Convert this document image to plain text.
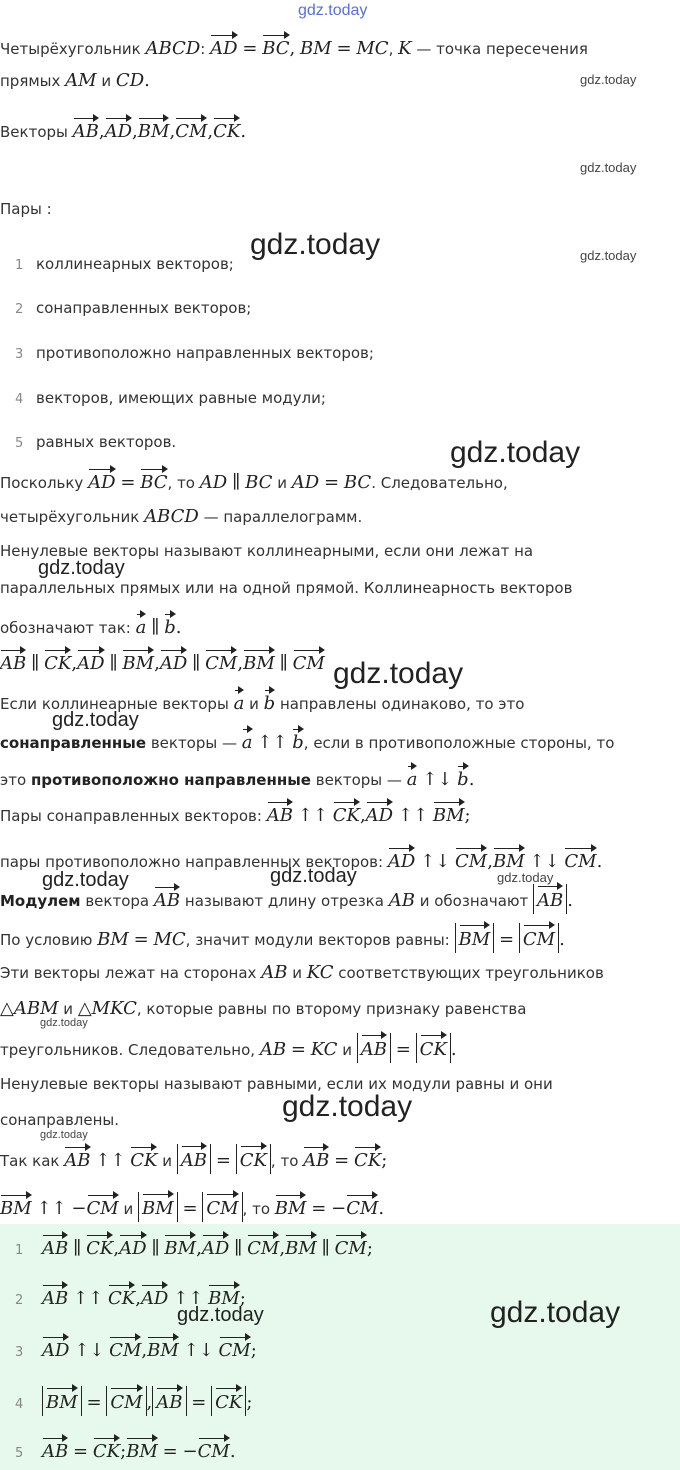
gdz.today
gdz.today
gdz.today
gdz.today
gdz.today
gdz.today
gdz.today
gdz.today
gdz.today
gdz.today	gdz.today	gdz.today
gdz.today
gdz.today
gdz.today
Четырёхугольник ABCD: AD = BC, BM = MC, K — точка пересечения
прямых AM и CD.
Векторы AB,AD,BM,CM,CK.
Пары :
1 коллинеарных векторов;
2 сонаправленных векторов;
3 противоположно направленных векторов;
4 векторов, имеющих равные модули;
5 равных векторов.
Поскольку AD = BC, то AD ∥ BC и AD = BC. Следовательно,
четырёхугольник ABCD — параллелограмм.
Ненулевые векторы называют коллинеарными, если они лежат на
параллельных прямых или на одной прямой. Коллинеарность векторов
обозначают так: a ∥ b.
AB ∥ CK,AD ∥ BM,AD ∥ CM,BM ∥ CM
Если коллинеарные векторы a и b направлены одинаково, то это
сонаправленные векторы — a ↑↑ b, если в противоположные стороны, то
это противоположно направленные векторы — a ↑↓ b.
Пары сонаправленных векторов: AB ↑↑ CK,AD ↑↑ BM;
пары противоположно направленных векторов: AD ↑↓ CM,BM ↑↓ CM.
Модулем вектора AB называют длину отрезка AB и обозначают AB .
По условию BM = MC, значит модули векторов равны: BM = CM .
Эти векторы лежат на сторонах AB и KC соответствующих треугольников
△ABM и △MKC, которые равны по второму признаку равенства
треугольников. Следовательно, AB = KC и AB = CK .
Ненулевые векторы называют равными, если их модули равны и они
сонаправлены.
Так как AB ↑↑ CK и AB = CK , то AB = CK;
BM ↑↑ −CM и BM = CM , то BM = −CM.
gdz.today
gdz.today
1 AB ∥ CK,AD ∥ BM,AD ∥ CM,BM ∥ CM;
2 AB ↑↑ CK,AD ↑↑ BM;
3 AD ↑↓ CM,BM ↑↓ CM;
4 BM = CM , AB = CK ;
5 AB = CK;BM = −CM.
